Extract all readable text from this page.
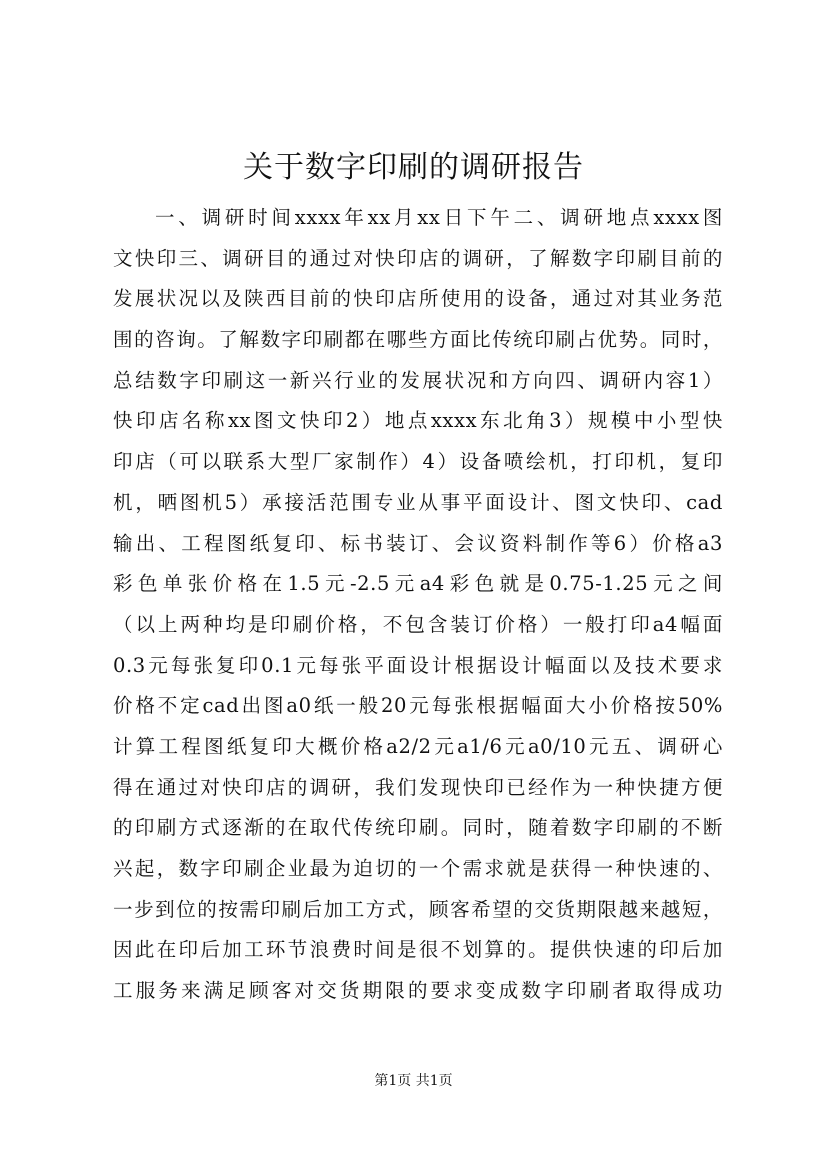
关于数字印刷的调研报告
一、调研时间xxxx年xx月xx日下午二、调研地点xxxx图
文快印三、调研目的通过对快印店的调研，了解数字印刷目前的
发展状况以及陕西目前的快印店所使用的设备，通过对其业务范
围的咨询。了解数字印刷都在哪些方面比传统印刷占优势。同时，
总结数字印刷这一新兴行业的发展状况和方向四、调研内容1）
快印店名称xx图文快印2）地点xxxx东北角3）规模中小型快
印店（可以联系大型厂家制作）4）设备喷绘机，打印机，复印
机，晒图机5）承接活范围专业从事平面设计、图文快印、cad
输出、工程图纸复印、标书装订、会议资料制作等6）价格a3
彩色单张价格在1.5元-2.5元a4彩色就是0.75-1.25元之间
（以上两种均是印刷价格，不包含装订价格）一般打印a4幅面
0.3元每张复印0.1元每张平面设计根据设计幅面以及技术要求
价格不定cad出图a0纸一般20元每张根据幅面大小价格按50%
计算工程图纸复印大概价格a2/2元a1/6元a0/10元五、调研心
得在通过对快印店的调研，我们发现快印已经作为一种快捷方便
的印刷方式逐渐的在取代传统印刷。同时，随着数字印刷的不断
兴起，数字印刷企业最为迫切的一个需求就是获得一种快速的、
一步到位的按需印刷后加工方式，顾客希望的交货期限越来越短，
因此在印后加工环节浪费时间是很不划算的。提供快速的印后加
工服务来满足顾客对交货期限的要求变成数字印刷者取得成功
第1页 共1页
